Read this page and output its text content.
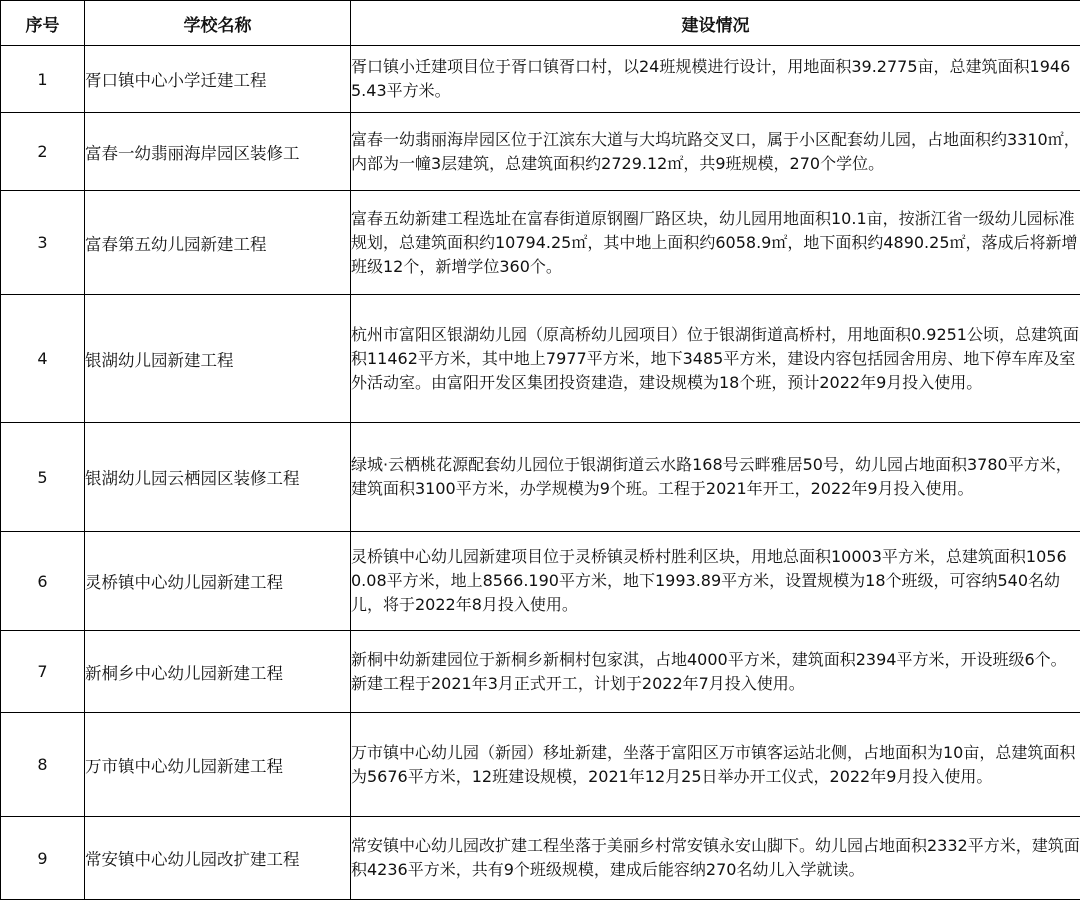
序号	学校名称	建设情况
1	胥口镇中心小学迁建工程	胥口镇小迁建项目位于胥口镇胥口村，以24班规模进行设计，用地面积39.2775亩，总建筑面积19465.43平方米。
2	富春一幼翡丽海岸园区装修工	富春一幼翡丽海岸园区位于江滨东大道与大坞坑路交叉口，属于小区配套幼儿园，占地面积约3310㎡，内部为一幢3层建筑，总建筑面积约2729.12㎡，共9班规模，270个学位。
3	富春第五幼儿园新建工程	富春五幼新建工程选址在富春街道原钢圈厂路区块，幼儿园用地面积10.1亩，按浙江省一级幼儿园标准规划，总建筑面积约10794.25㎡，其中地上面积约6058.9㎡，地下面积约4890.25㎡，落成后将新增班级12个，新增学位360个。
4	银湖幼儿园新建工程	杭州市富阳区银湖幼儿园（原高桥幼儿园项目）位于银湖街道高桥村，用地面积0.9251公顷，总建筑面积11462平方米，其中地上7977平方米，地下3485平方米，建设内容包括园舍用房、地下停车库及室外活动室。由富阳开发区集团投资建造，建设规模为18个班，预计2022年9月投入使用。
5	银湖幼儿园云栖园区装修工程	绿城·云栖桃花源配套幼儿园位于银湖街道云水路168号云畔雅居50号，幼儿园占地面积3780平方米，建筑面积3100平方米，办学规模为9个班。工程于2021年开工，2022年9月投入使用。
6	灵桥镇中心幼儿园新建工程	灵桥镇中心幼儿园新建项目位于灵桥镇灵桥村胜利区块，用地总面积10003平方米，总建筑面积10560.08平方米，地上8566.190平方米，地下1993.89平方米，设置规模为18个班级，可容纳540名幼儿，将于2022年8月投入使用。
7	新桐乡中心幼儿园新建工程	新桐中幼新建园位于新桐乡新桐村包家淇，占地4000平方米，建筑面积2394平方米，开设班级6个。新建工程于2021年3月正式开工，计划于2022年7月投入使用。
8	万市镇中心幼儿园新建工程	万市镇中心幼儿园（新园）移址新建，坐落于富阳区万市镇客运站北侧，占地面积为10亩，总建筑面积为5676平方米，12班建设规模，2021年12月25日举办开工仪式，2022年9月投入使用。
9	常安镇中心幼儿园改扩建工程	常安镇中心幼儿园改扩建工程坐落于美丽乡村常安镇永安山脚下。幼儿园占地面积2332平方米，建筑面积4236平方米，共有9个班级规模，建成后能容纳270名幼儿入学就读。
